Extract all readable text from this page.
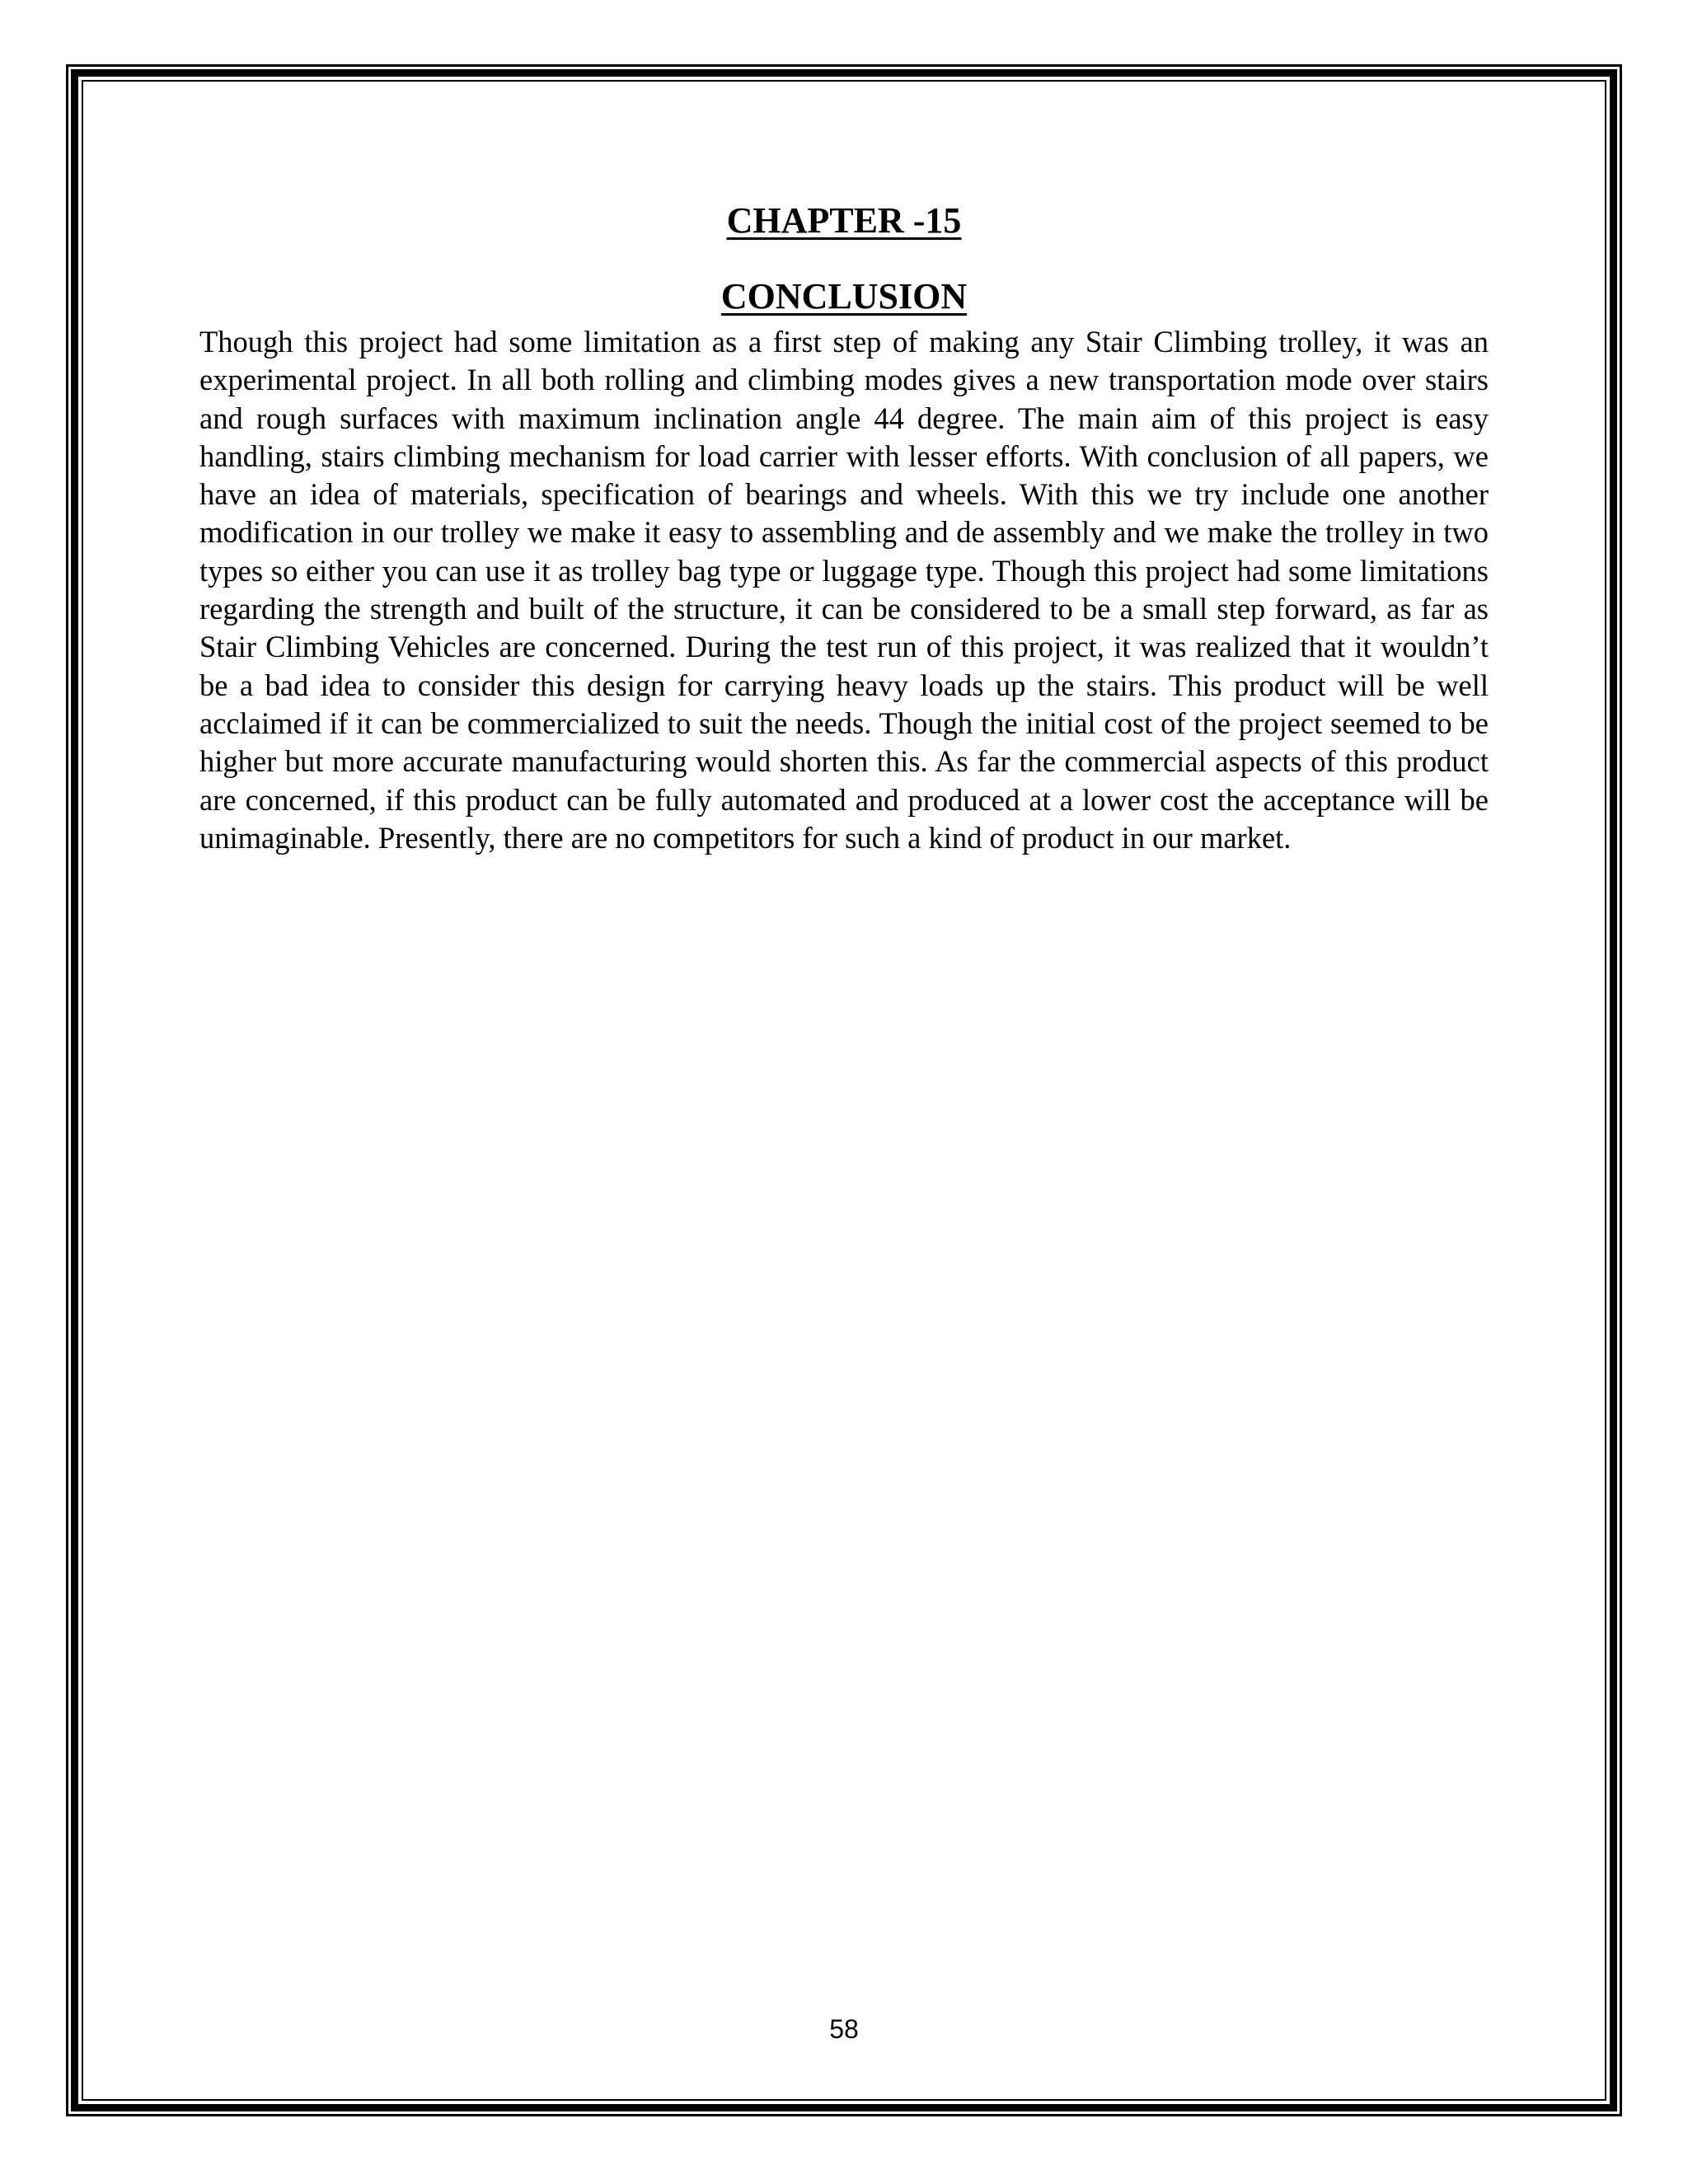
CHAPTER -15
CONCLUSION

Though this project had some limitation as a first step of making any Stair Climbing trolley, it was an experimental project. In all both rolling and climbing modes gives a new transportation mode over stairs and rough surfaces with maximum inclination angle 44 degree. The main aim of this project is easy handling, stairs climbing mechanism for load carrier with lesser efforts. With conclusion of all papers, we have an idea of materials, specification of bearings and wheels. With this we try include one another modification in our trolley we make it easy to assembling and de assembly and we make the trolley in two types so either you can use it as trolley bag type or luggage type. Though this project had some limitations regarding the strength and built of the structure, it can be considered to be a small step forward, as far as Stair Climbing Vehicles are concerned. During the test run of this project, it was realized that it wouldn’t be a bad idea to consider this design for carrying heavy loads up the stairs. This product will be well acclaimed if it can be commercialized to suit the needs. Though the initial cost of the project seemed to be higher but more accurate manufacturing would shorten this. As far the commercial aspects of this product are concerned, if this product can be fully automated and produced at a lower cost the acceptance will be unimaginable. Presently, there are no competitors for such a kind of product in our market.

58
